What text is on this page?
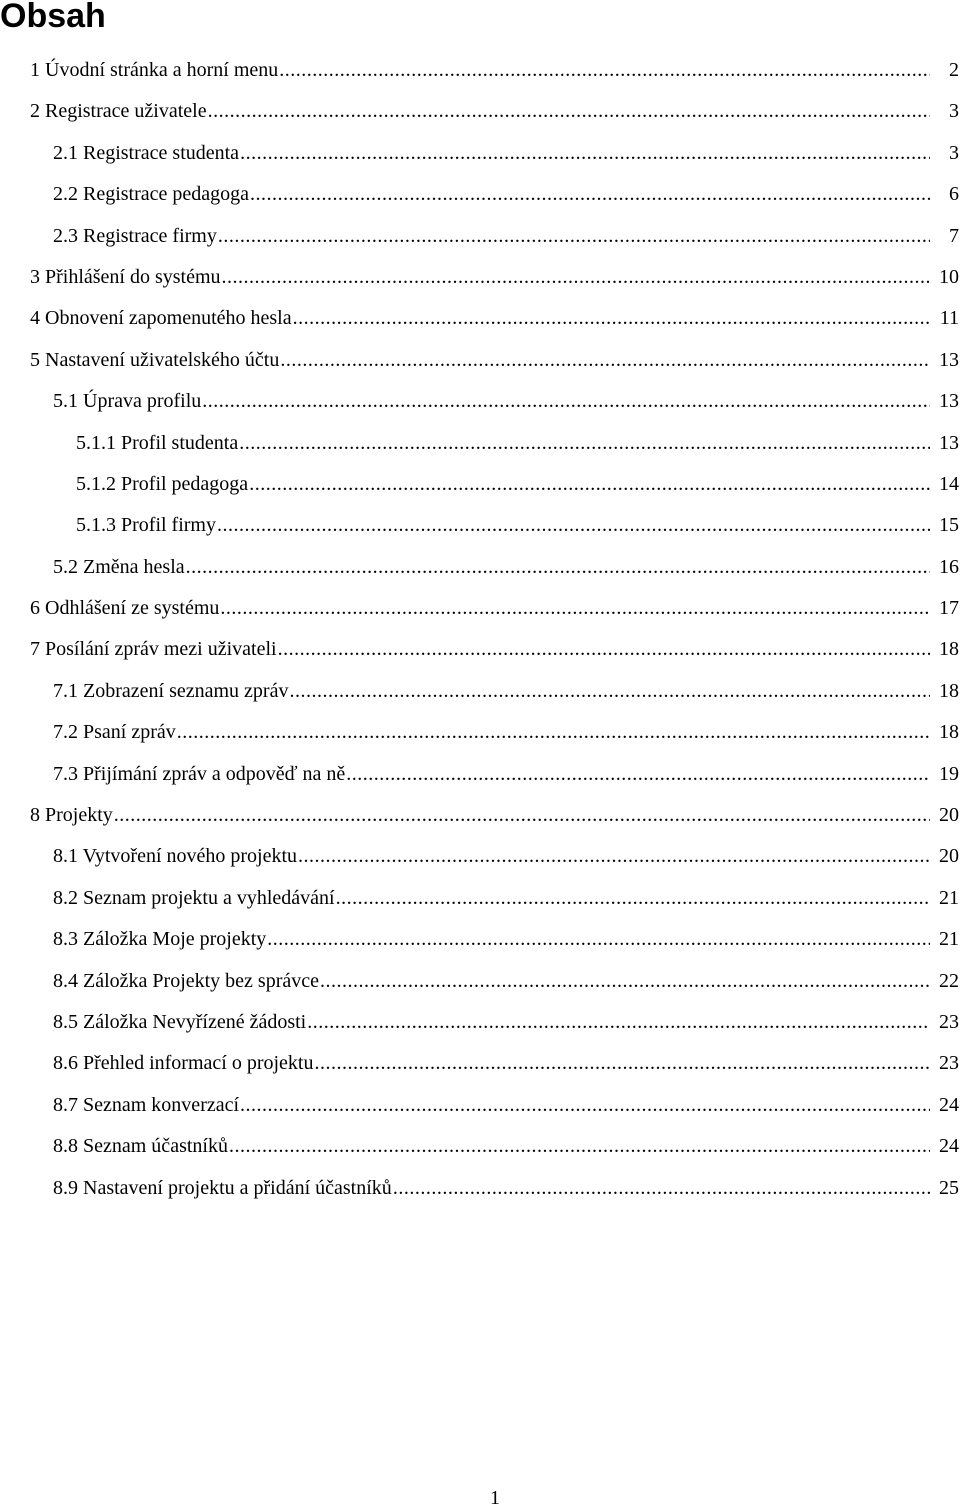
Obsah
1 Úvodní stránka a horní menu .....	2
2 Registrace uživatele .....	3
2.1 Registrace studenta .....	3
2.2 Registrace pedagoga .....	6
2.3 Registrace firmy .....	7
3 Přihlášení do systému .....	10
4 Obnovení zapomenutého hesla .....	11
5 Nastavení uživatelského účtu .....	13
5.1 Úprava profilu .....	13
5.1.1 Profil studenta .....	13
5.1.2 Profil pedagoga .....	14
5.1.3 Profil firmy .....	15
5.2 Změna hesla .....	16
6 Odhlášení ze systému .....	17
7 Posílání zpráv mezi uživateli .....	18
7.1 Zobrazení seznamu zpráv .....	18
7.2 Psaní zpráv .....	18
7.3 Přijímání zpráv a odpověď na ně .....	19
8 Projekty .....	20
8.1 Vytvoření nového projektu .....	20
8.2 Seznam projektu a vyhledávání .....	21
8.3 Záložka Moje projekty .....	21
8.4 Záložka Projekty bez správce .....	22
8.5 Záložka Nevyřízené žádosti .....	23
8.6 Přehled informací o projektu .....	23
8.7 Seznam konverzací .....	24
8.8 Seznam účastníků .....	24
8.9 Nastavení projektu a přidání účastníků .....	25
1
